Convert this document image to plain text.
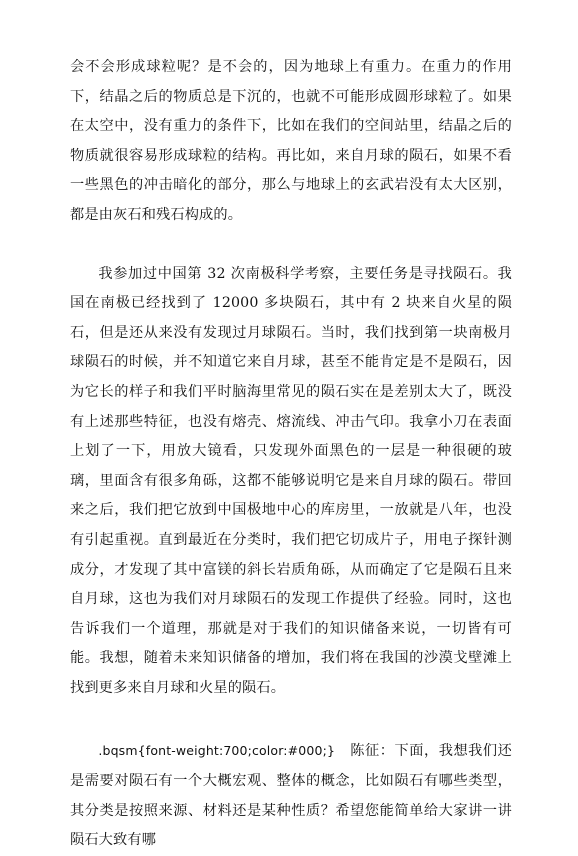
会不会形成球粒呢？是不会的，因为地球上有重力。在重力的作用下，结晶之后的物质总是下沉的，也就不可能形成圆形球粒了。如果在太空中，没有重力的条件下，比如在我们的空间站里，结晶之后的物质就很容易形成球粒的结构。再比如，来自月球的陨石，如果不看一些黑色的冲击暗化的部分，那么与地球上的玄武岩没有太大区别，都是由灰石和残石构成的。

我参加过中国第 32 次南极科学考察，主要任务是寻找陨石。我国在南极已经找到了 12000 多块陨石，其中有 2 块来自火星的陨石，但是还从来没有发现过月球陨石。当时，我们找到第一块南极月球陨石的时候，并不知道它来自月球，甚至不能肯定是不是陨石，因为它长的样子和我们平时脑海里常见的陨石实在是差别太大了，既没有上述那些特征，也没有熔壳、熔流线、冲击气印。我拿小刀在表面上划了一下，用放大镜看，只发现外面黑色的一层是一种很硬的玻璃，里面含有很多角砾，这都不能够说明它是来自月球的陨石。带回来之后，我们把它放到中国极地中心的库房里，一放就是八年，也没有引起重视。直到最近在分类时，我们把它切成片子，用电子探针测成分，才发现了其中富镁的斜长岩质角砾，从而确定了它是陨石且来自月球，这也为我们对月球陨石的发现工作提供了经验。同时，这也告诉我们一个道理，那就是对于我们的知识储备来说，一切皆有可能。我想，随着未来知识储备的增加，我们将在我国的沙漠戈壁滩上找到更多来自月球和火星的陨石。

.bqsm{font-weight:700;color:#000;} 陈征：下面，我想我们还是需要对陨石有一个大概宏观、整体的概念，比如陨石有哪些类型，其分类是按照来源、材料还是某种性质？希望您能简单给大家讲一讲陨石大致有哪
